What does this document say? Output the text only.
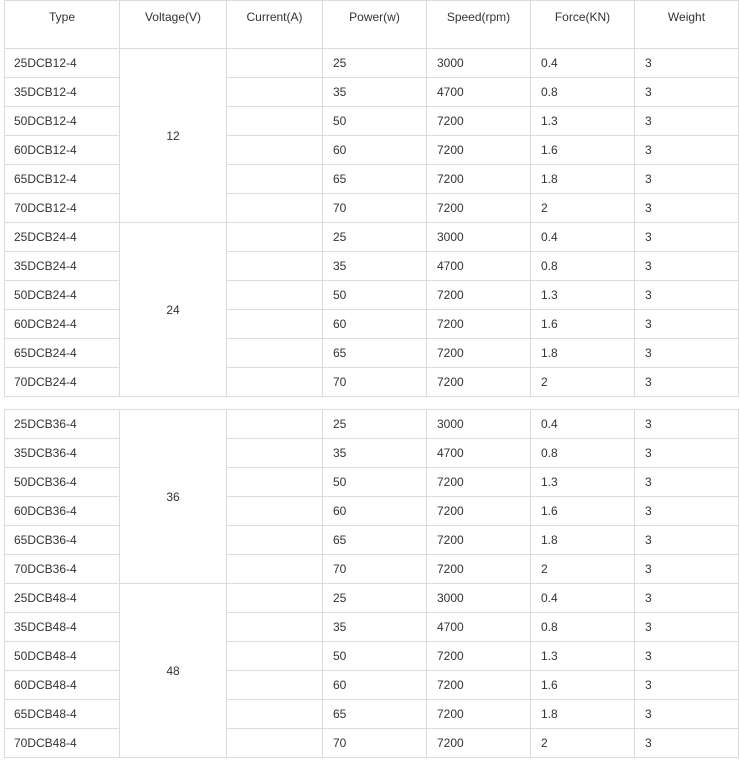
Type	Voltage(V)	Current(A)	Power(w)	Speed(rpm)	Force(KN)	Weight
25DCB12-4	12		25	3000	0.4	3
35DCB12-4			35	4700	0.8	3
50DCB12-4			50	7200	1.3	3
60DCB12-4			60	7200	1.6	3
65DCB12-4			65	7200	1.8	3
70DCB12-4			70	7200	2	3
25DCB24-4	24		25	3000	0.4	3
35DCB24-4			35	4700	0.8	3
50DCB24-4			50	7200	1.3	3
60DCB24-4			60	7200	1.6	3
65DCB24-4			65	7200	1.8	3
70DCB24-4			70	7200	2	3
25DCB36-4	36		25	3000	0.4	3
35DCB36-4			35	4700	0.8	3
50DCB36-4			50	7200	1.3	3
60DCB36-4			60	7200	1.6	3
65DCB36-4			65	7200	1.8	3
70DCB36-4			70	7200	2	3
25DCB48-4	48		25	3000	0.4	3
35DCB48-4			35	4700	0.8	3
50DCB48-4			50	7200	1.3	3
60DCB48-4			60	7200	1.6	3
65DCB48-4			65	7200	1.8	3
70DCB48-4			70	7200	2	3
